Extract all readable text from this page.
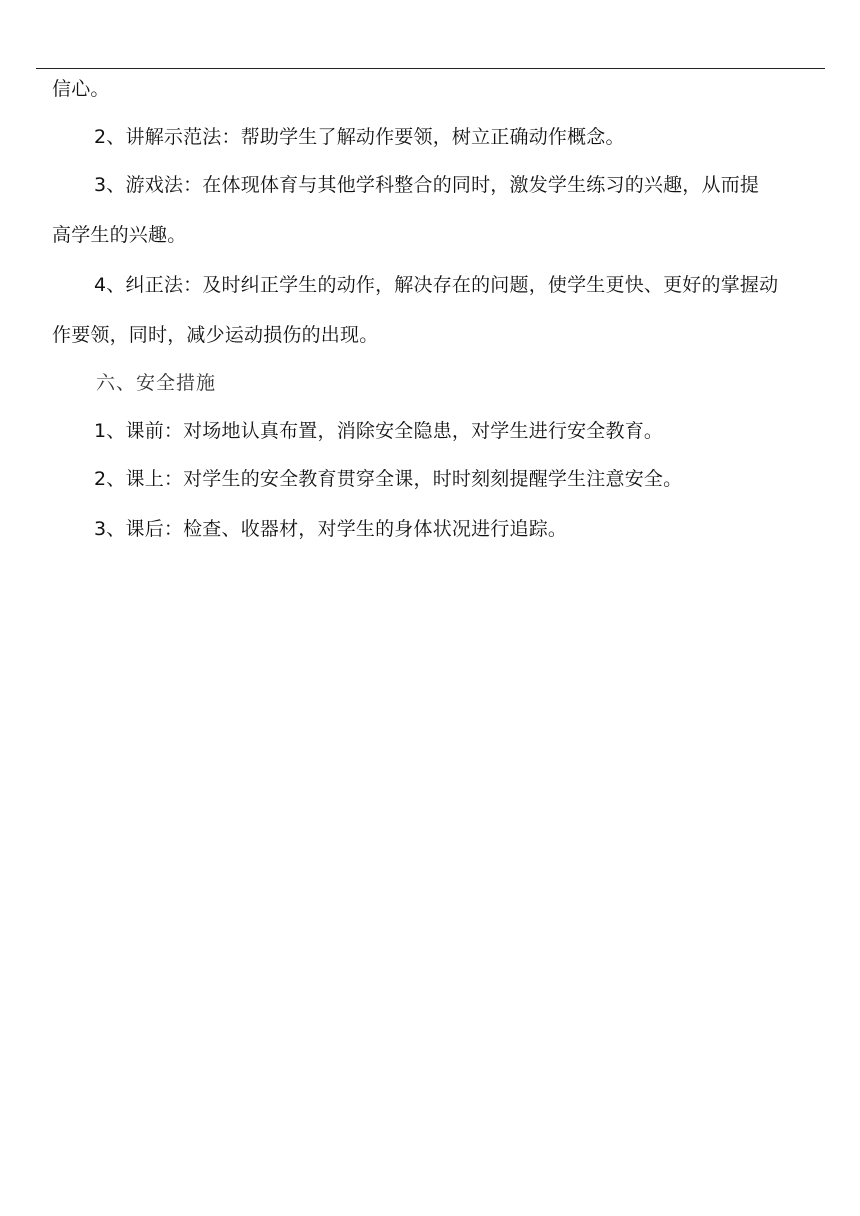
信心。
2、讲解示范法：帮助学生了解动作要领，树立正确动作概念。
3、游戏法：在体现体育与其他学科整合的同时，激发学生练习的兴趣，从而提
高学生的兴趣。
4、纠正法：及时纠正学生的动作，解决存在的问题，使学生更快、更好的掌握动
作要领，同时，减少运动损伤的出现。
六、安全措施
1、课前：对场地认真布置，消除安全隐患，对学生进行安全教育。
2、课上：对学生的安全教育贯穿全课，时时刻刻提醒学生注意安全。
3、课后：检查、收器材，对学生的身体状况进行追踪。
